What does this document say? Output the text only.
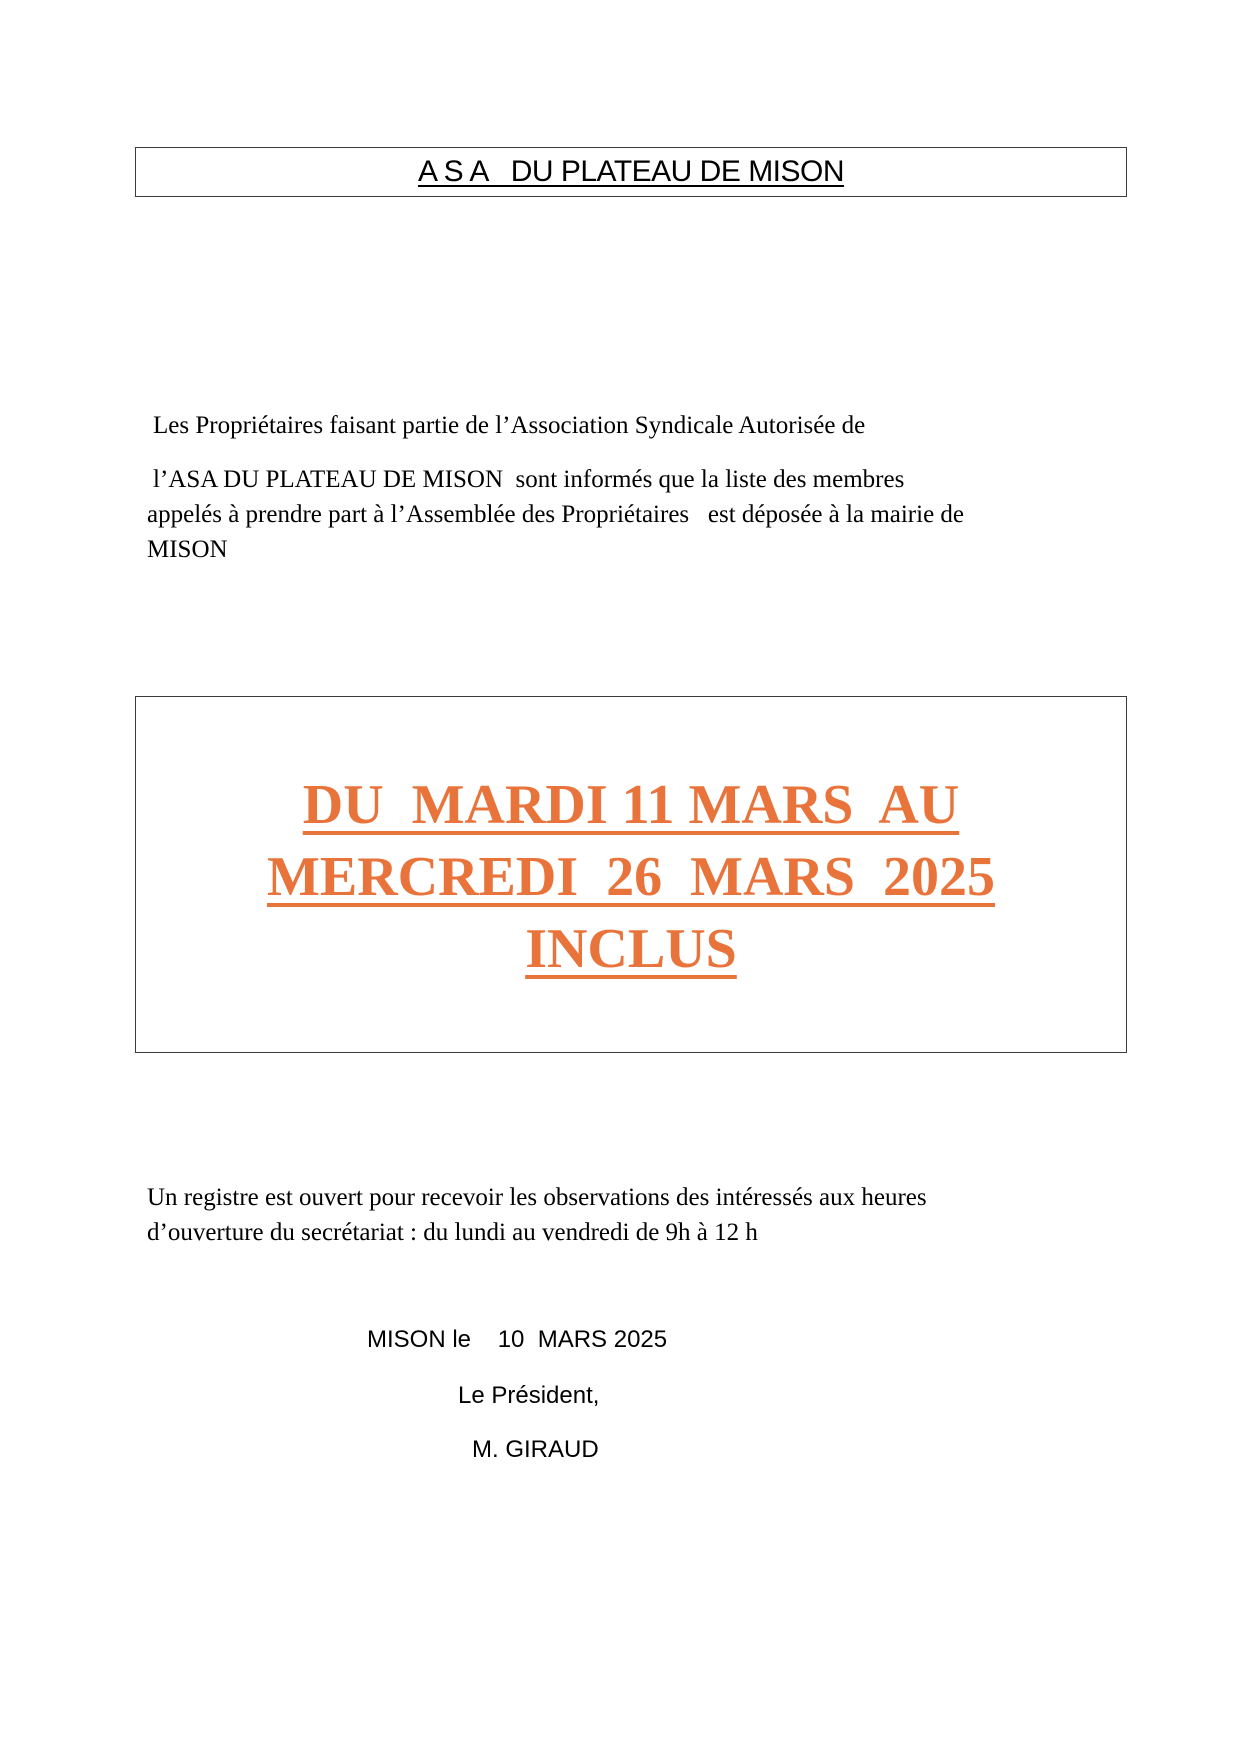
A S A   DU PLATEAU DE MISON
Les Propriétaires faisant partie de l’Association Syndicale Autorisée de
l’ASA DU PLATEAU DE MISON  sont informés que la liste des membres
appelés à prendre part à l’Assemblée des Propriétaires   est déposée à la mairie de
MISON
DU  MARDI 11 MARS  AU
MERCREDI  26  MARS  2025
INCLUS
Un registre est ouvert pour recevoir les observations des intéressés aux heures
d’ouverture du secrétariat : du lundi au vendredi de 9h à 12 h
MISON le    10  MARS 2025
Le Président,
M. GIRAUD
